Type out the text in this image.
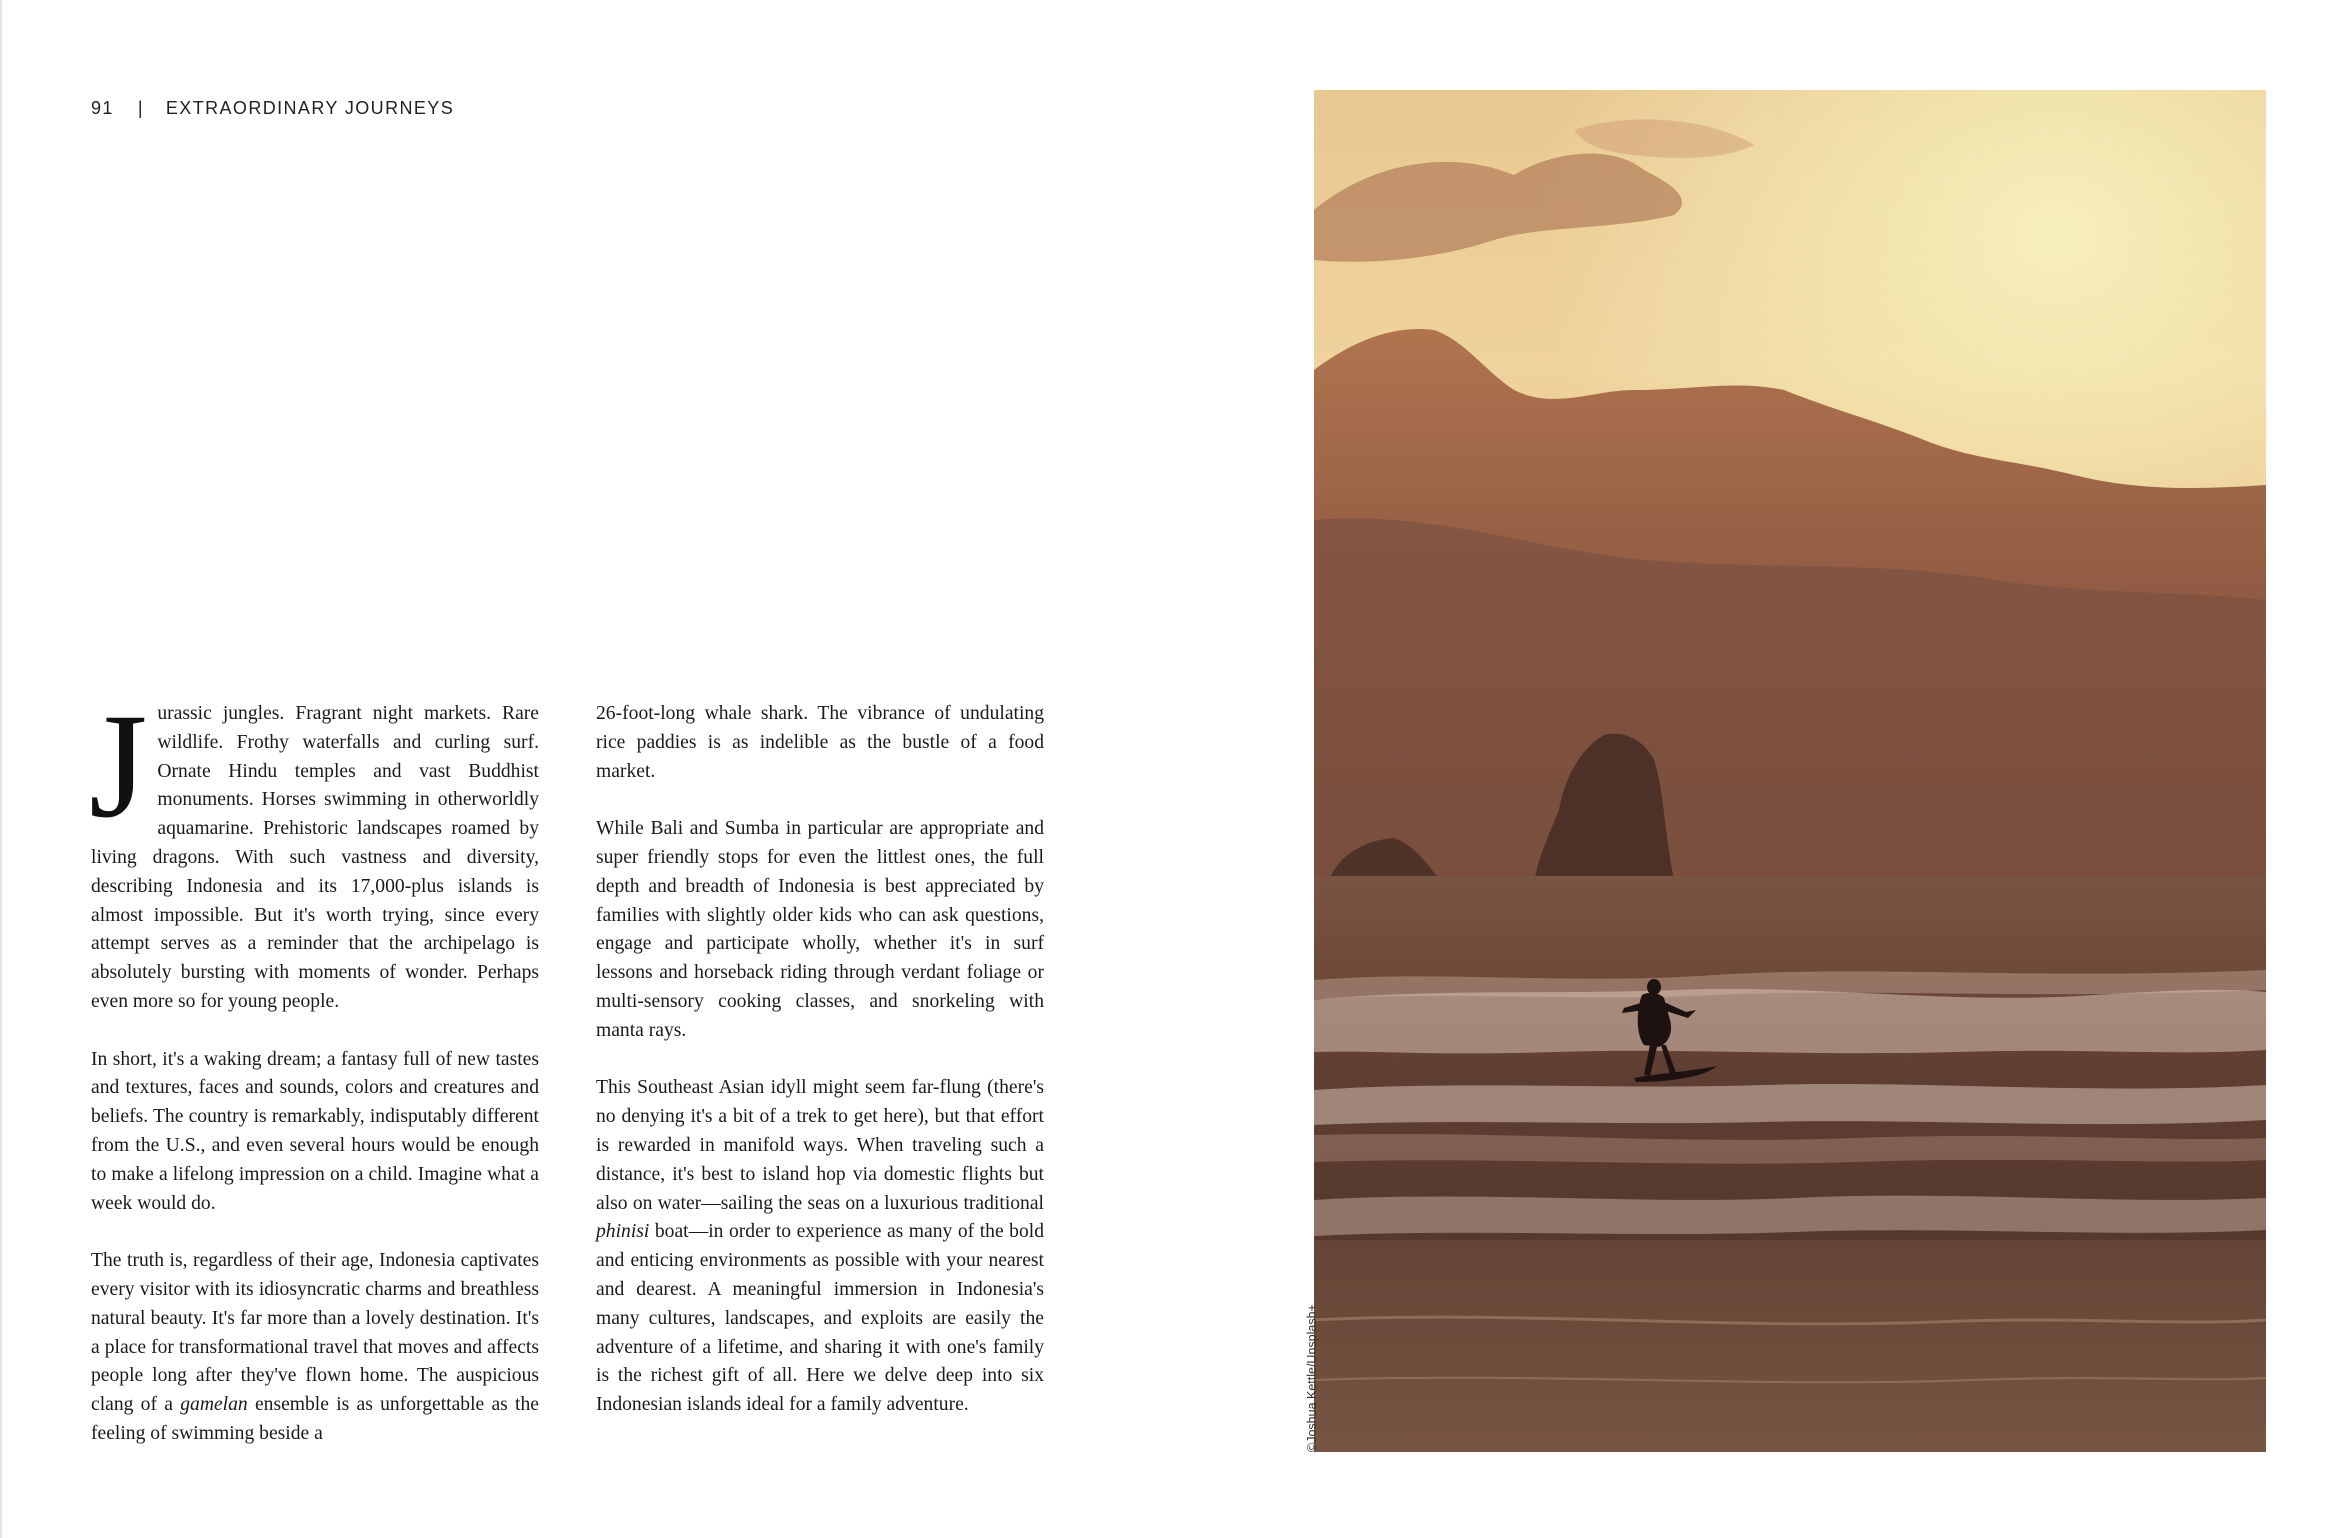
91 | EXTRAORDINARY JOURNEYS

Jurassic jungles. Fragrant night markets. Rare wildlife. Frothy waterfalls and curling surf. Ornate Hindu temples and vast Buddhist monuments. Horses swimming in otherworldly aquamarine. Prehistoric landscapes roamed by living dragons. With such vastness and diversity, describing Indonesia and its 17,000-plus islands is almost impossible. But it's worth trying, since every attempt serves as a reminder that the archipelago is absolutely bursting with moments of wonder. Perhaps even more so for young people.

In short, it's a waking dream; a fantasy full of new tastes and textures, faces and sounds, colors and creatures and beliefs. The country is remarkably, indisputably different from the U.S., and even several hours would be enough to make a lifelong impression on a child. Imagine what a week would do.

The truth is, regardless of their age, Indonesia captivates every visitor with its idiosyncratic charms and breathless natural beauty. It's far more than a lovely destination. It's a place for transformational travel that moves and affects people long after they've flown home. The auspicious clang of a gamelan ensemble is as unforgettable as the feeling of swimming beside a

26-foot-long whale shark. The vibrance of undulating rice paddies is as indelible as the bustle of a food market.

While Bali and Sumba in particular are appropriate and super friendly stops for even the littlest ones, the full depth and breadth of Indonesia is best appreciated by families with slightly older kids who can ask questions, engage and participate wholly, whether it's in surf lessons and horseback riding through verdant foliage or multi-sensory cooking classes, and snorkeling with manta rays.

This Southeast Asian idyll might seem far-flung (there's no denying it's a bit of a trek to get here), but that effort is rewarded in manifold ways. When traveling such a distance, it's best to island hop via domestic flights but also on water—sailing the seas on a luxurious traditional phinisi boat—in order to experience as many of the bold and enticing environments as possible with your nearest and dearest. A meaningful immersion in Indonesia's many cultures, landscapes, and exploits are easily the adventure of a lifetime, and sharing it with one's family is the richest gift of all. Here we delve deep into six Indonesian islands ideal for a family adventure.	©Joshua Kettle/Unsplash+
